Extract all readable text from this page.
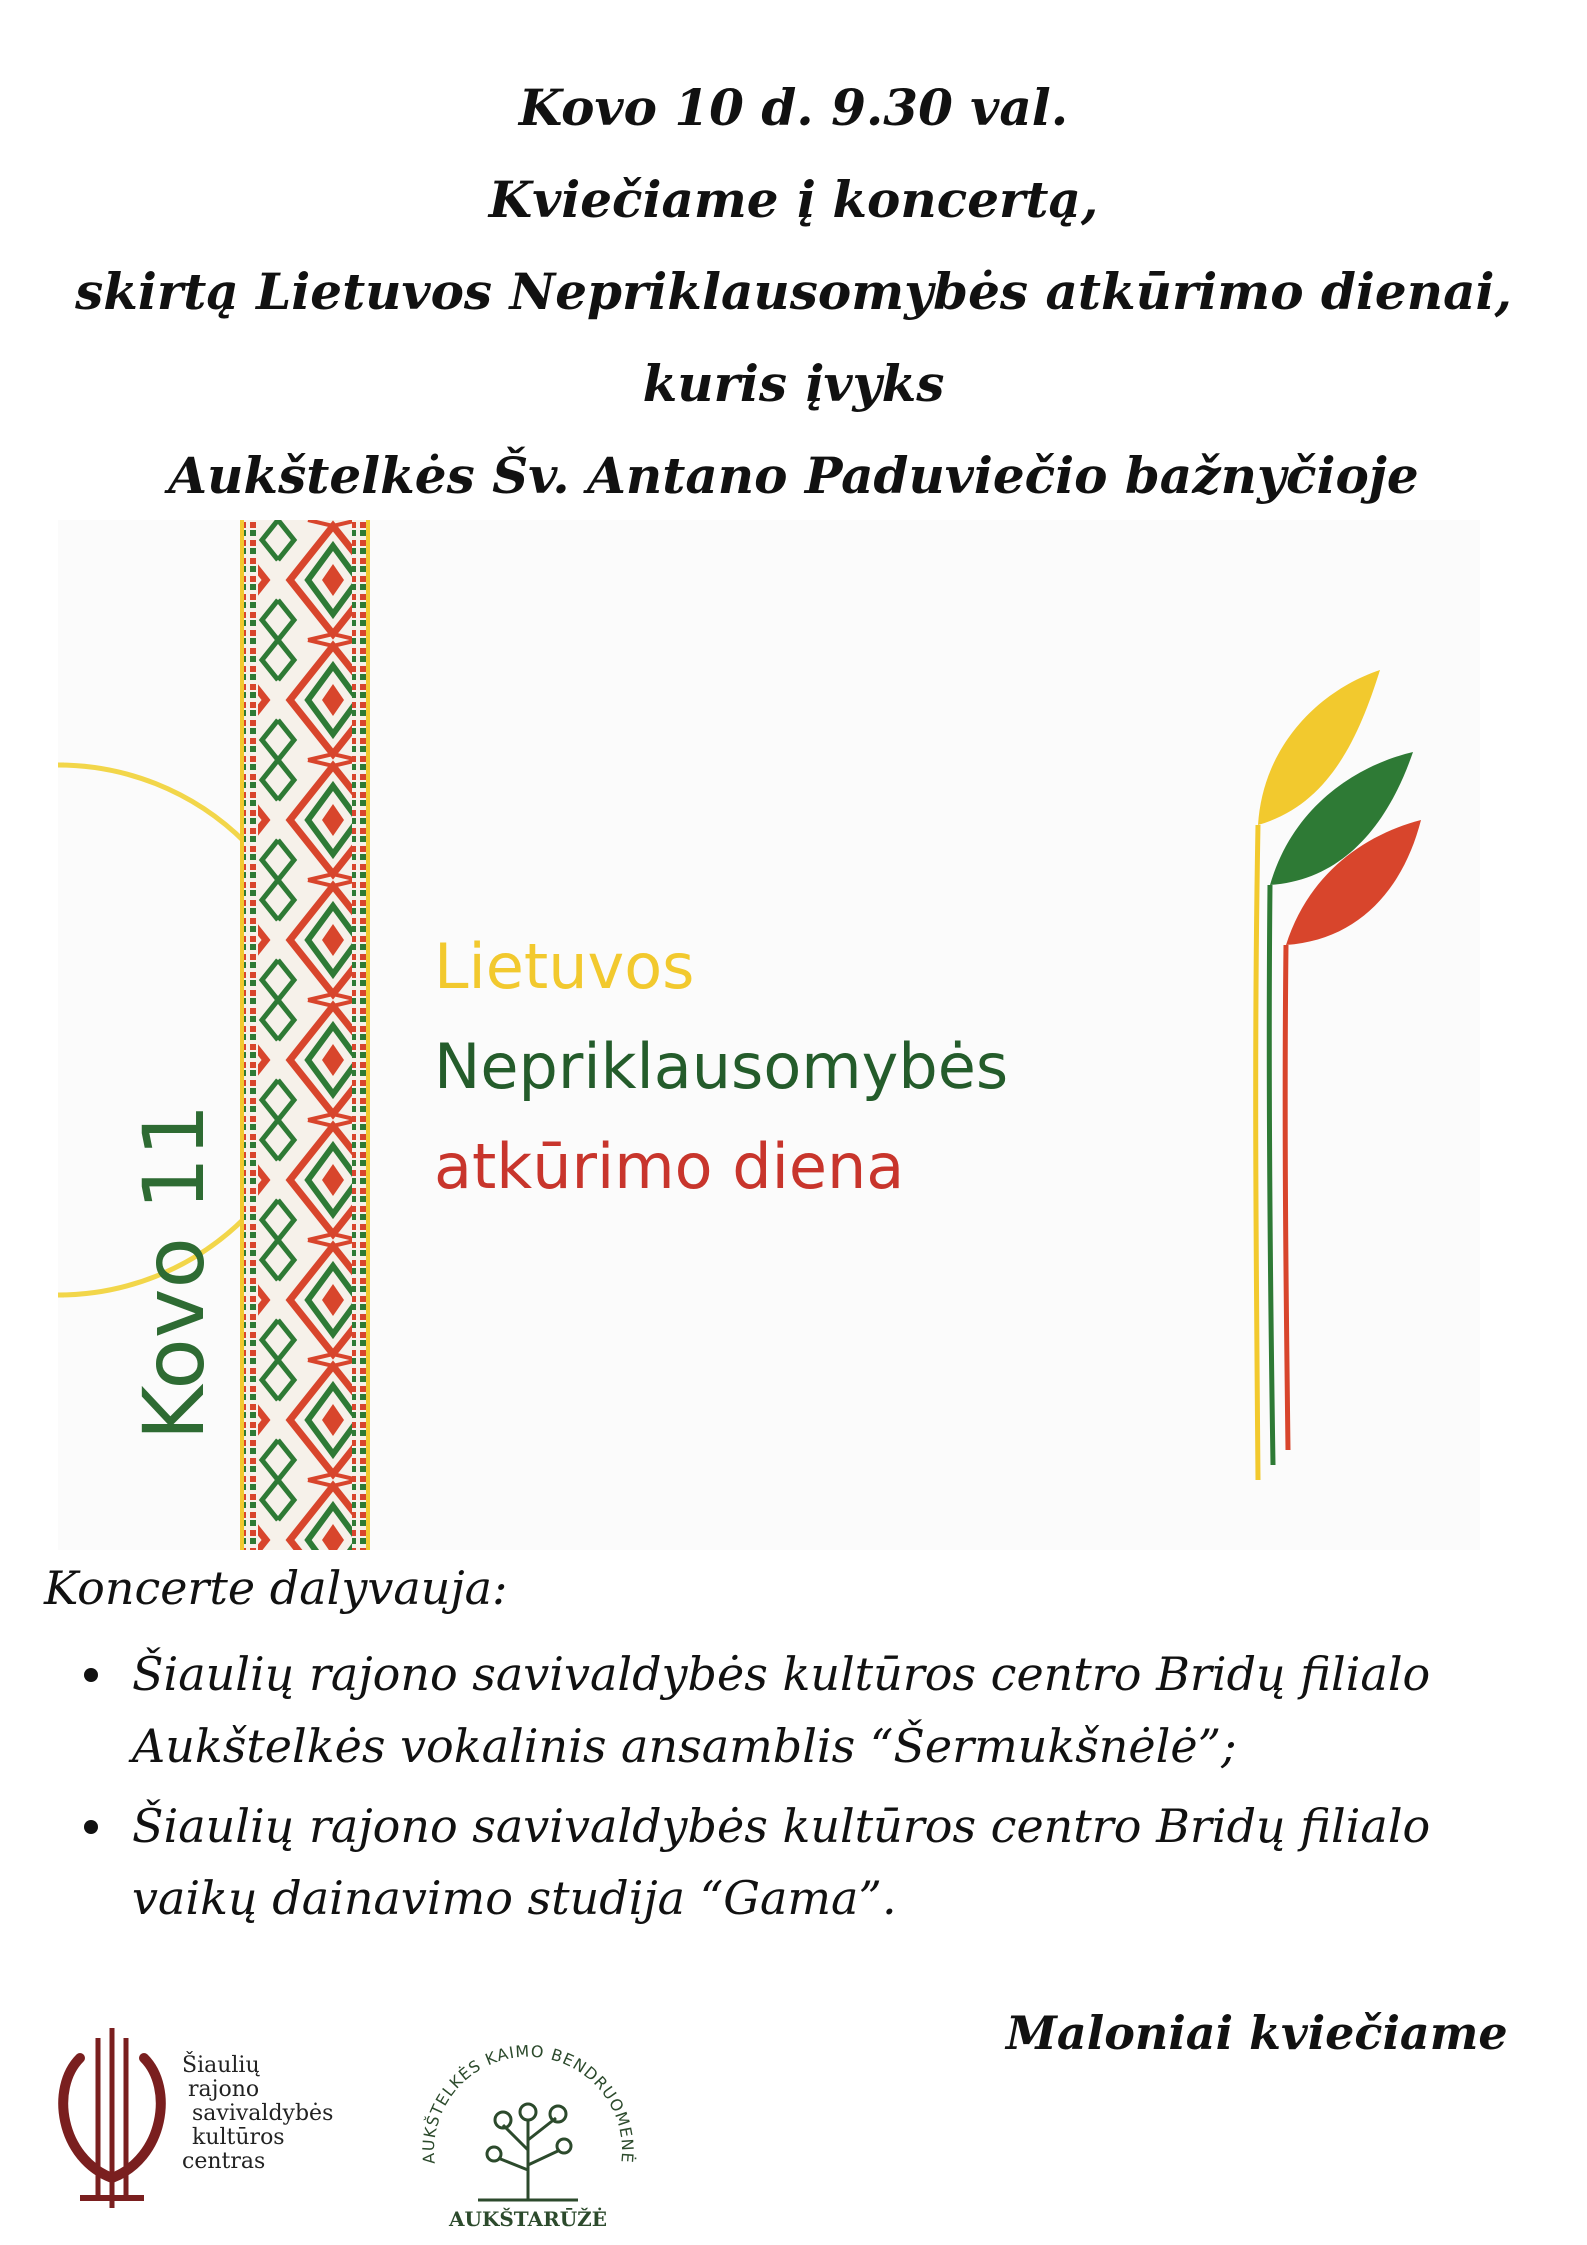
Kovo 10 d. 9.30 val.
Kviečiame į koncertą,
skirtą Lietuvos Nepriklausomybės atkūrimo dienai,
kuris įvyks
Aukštelkės Šv. Antano Paduviečio bažnyčioje
Kovo 11
Lietuvos
Nepriklausomybės
atkūrimo diena
Koncerte dalyvauja:
Šiaulių rajono savivaldybės kultūros centro Bridų filialo
Aukštelkės vokalinis ansamblis “Šermukšnėlė”;
Šiaulių rajono savivaldybės kultūros centro Bridų filialo
vaikų dainavimo studija “Gama”.
Maloniai kviečiame
Šiaulių
rajono
savivaldybės
kultūros
centras	AUKŠTELKĖS KAIMO BENDRUOMENĖ
AUKŠTARŪŽĖ
